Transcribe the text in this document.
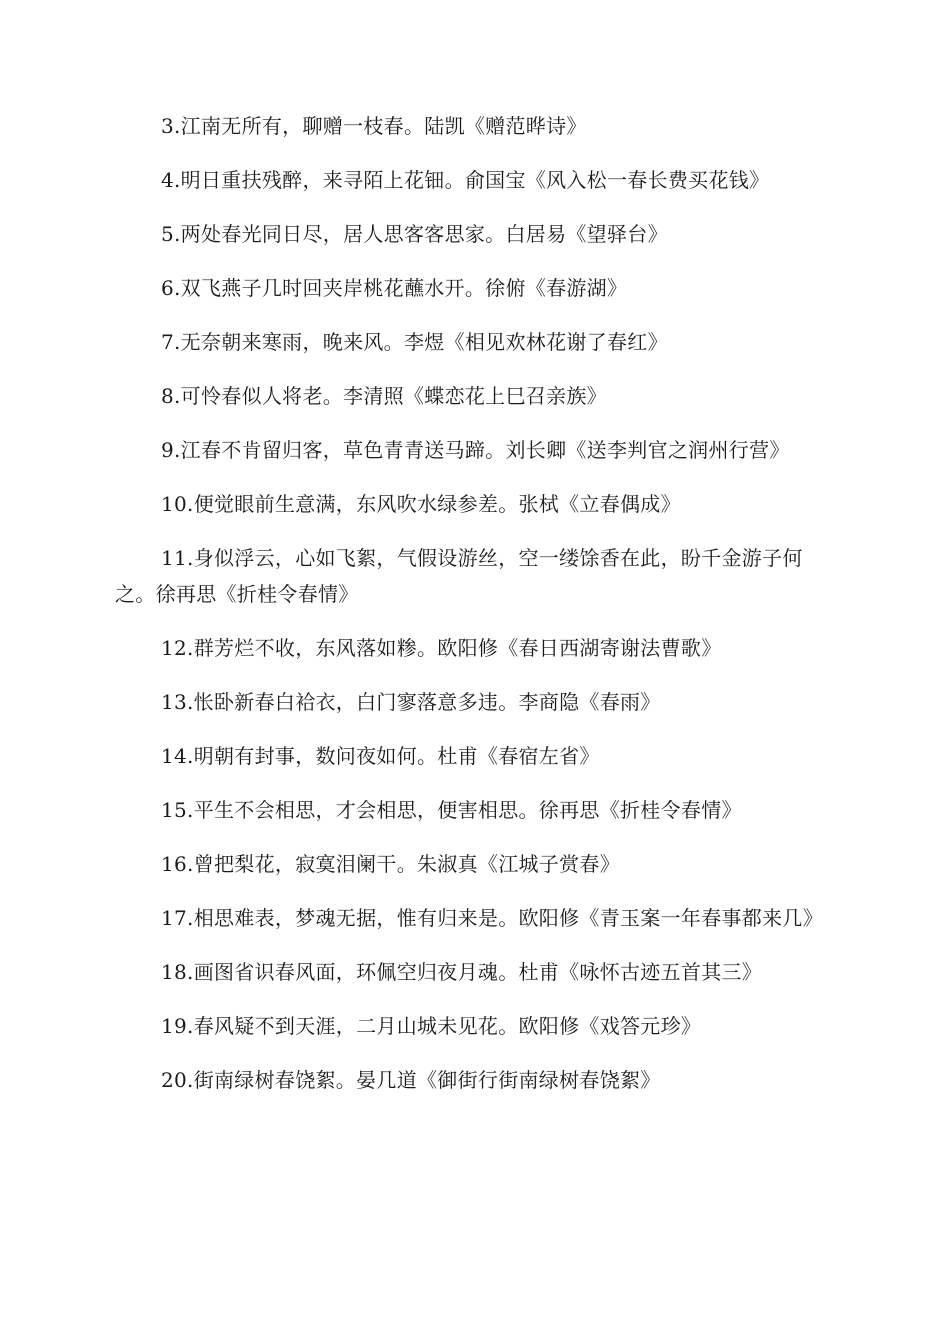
3.江南无所有，聊赠一枝春。陆凯《赠范晔诗》

4.明日重扶残醉，来寻陌上花钿。俞国宝《风入松一春长费买花钱》

5.两处春光同日尽，居人思客客思家。白居易《望驿台》

6.双飞燕子几时回夹岸桃花蘸水开。徐俯《春游湖》

7.无奈朝来寒雨，晚来风。李煜《相见欢林花谢了春红》

8.可怜春似人将老。李清照《蝶恋花上巳召亲族》

9.江春不肯留归客，草色青青送马蹄。刘长卿《送李判官之润州行营》

10.便觉眼前生意满，东风吹水绿参差。张栻《立春偶成》

11.身似浮云，心如飞絮，气假设游丝，空一缕馀香在此，盼千金游子何之。徐再思《折桂令春情》

12.群芳烂不收，东风落如糁。欧阳修《春日西湖寄谢法曹歌》

13.怅卧新春白袷衣，白门寥落意多违。李商隐《春雨》

14.明朝有封事，数问夜如何。杜甫《春宿左省》

15.平生不会相思，才会相思，便害相思。徐再思《折桂令春情》

16.曾把梨花，寂寞泪阑干。朱淑真《江城子赏春》

17.相思难表，梦魂无据，惟有归来是。欧阳修《青玉案一年春事都来几》

18.画图省识春风面，环佩空归夜月魂。杜甫《咏怀古迹五首其三》

19.春风疑不到天涯，二月山城未见花。欧阳修《戏答元珍》

20.街南绿树春饶絮。晏几道《御街行街南绿树春饶絮》
